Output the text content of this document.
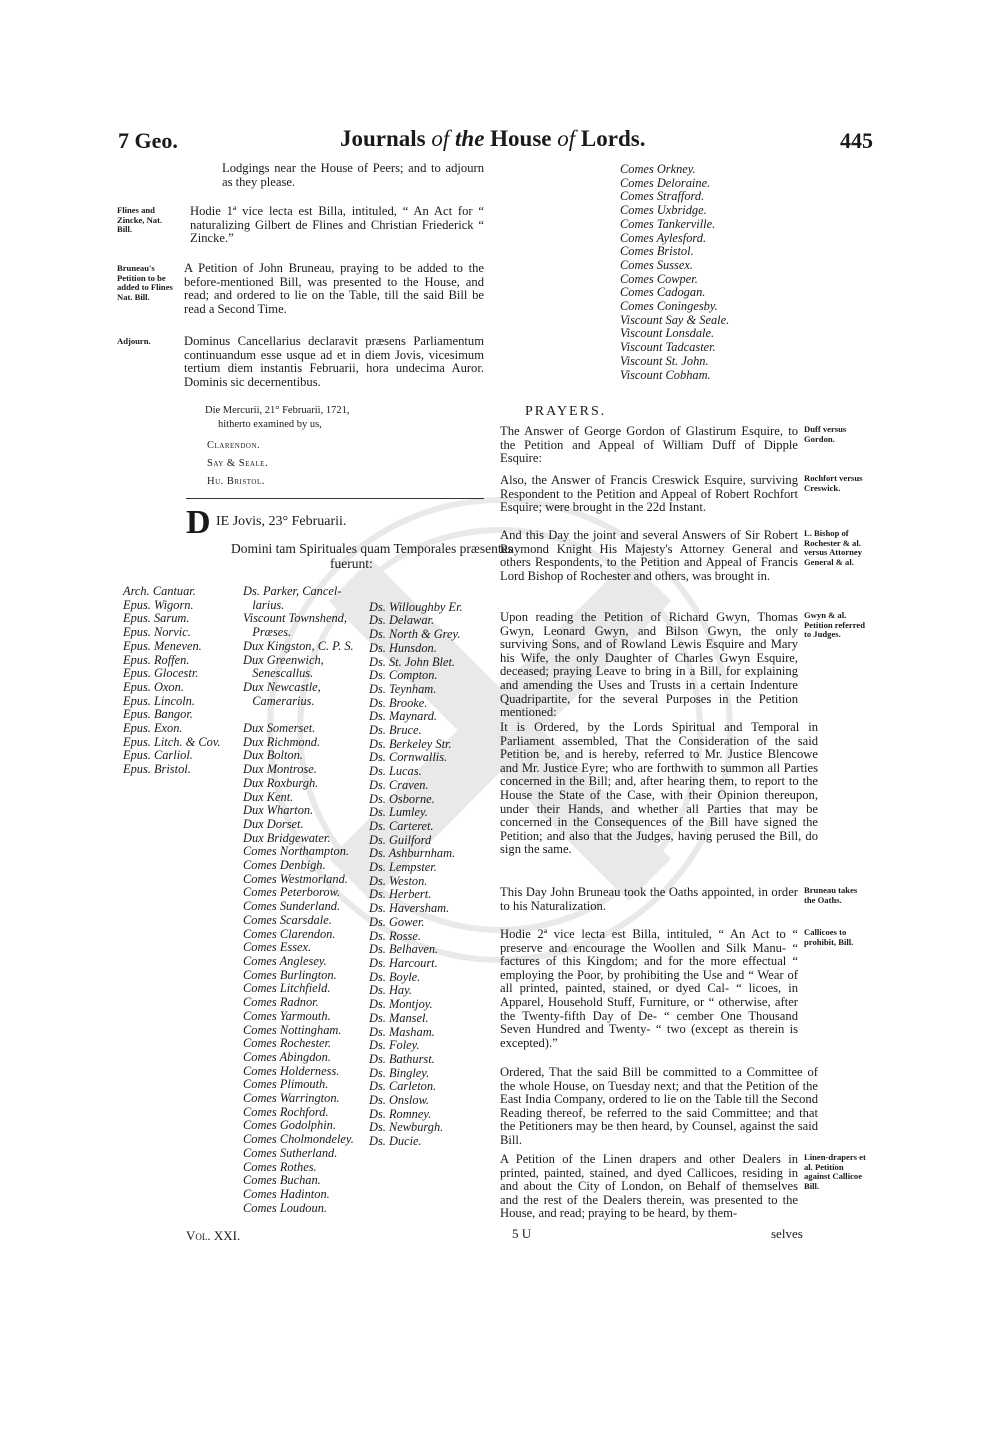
7 Geo.	Journals of the House of Lords.	445
Lodgings near the House of Peers; and to adjourn as they please.
Flines and Zincke, Nat. Bill.
Hodie 1ª vice lecta est Billa, intituled, “ An Act for “ naturalizing Gilbert de Flines and Christian Friederick “ Zincke.”
Bruneau's Petition to be added to Flines Nat. Bill.
A Petition of John Bruneau, praying to be added to the before-mentioned Bill, was presented to the House, and read; and ordered to lie on the Table, till the said Bill be read a Second Time.
Adjourn.	Dominus Cancellarius declaravit præsens Parliamentum continuandum esse usque ad et in diem Jovis, vicesimum tertium diem instantis Februarii, hora undecima Auror. Dominis sic decernentibus.
Die Mercurii, 21° Februarii, 1721,
hitherto examined by us,
Clarendon.
Say & Seale.
Hu. Bristol.
D IE Jovis, 23° Februarii.
Domini tam Spirituales quam Temporales præsentes
fuerunt:
Arch. Cantuar.
Epus. Wigorn.
Epus. Sarum.
Epus. Norvic.
Epus. Meneven.
Epus. Roffen.
Epus. Glocestr.
Epus. Oxon.
Epus. Lincoln.
Epus. Bangor.
Epus. Exon.
Epus. Litch. & Cov.
Epus. Carliol.
Epus. Bristol.
Ds. Parker, Cancel-
larius.
Viscount Townshend,
Præses.
Dux Kingston, C. P. S.
Dux Greenwich,
Senescallus.
Dux Newcastle,
Camerarius.

Dux Somerset.
Dux Richmond.
Dux Bolton.
Dux Montrose.
Dux Roxburgh.
Dux Kent.
Dux Wharton.
Dux Dorset.
Dux Bridgewater.
Comes Northampton.
Comes Denbigh.
Comes Westmorland.
Comes Peterborow.
Comes Sunderland.
Comes Scarsdale.
Comes Clarendon.
Comes Essex.
Comes Anglesey.
Comes Burlington.
Comes Litchfield.
Comes Radnor.
Comes Yarmouth.
Comes Nottingham.
Comes Rochester.
Comes Abingdon.
Comes Holderness.
Comes Plimouth.
Comes Warrington.
Comes Rochford.
Comes Godolphin.
Comes Cholmondeley.
Comes Sutherland.
Comes Rothes.
Comes Buchan.
Comes Hadinton.
Comes Loudoun.

Ds. Willoughby Er.
Ds. Delawar.
Ds. North & Grey.
Ds. Hunsdon.
Ds. St. John Blet.
Ds. Compton.
Ds. Teynham.
Ds. Brooke.
Ds. Maynard.
Ds. Bruce.
Ds. Berkeley Str.
Ds. Cornwallis.
Ds. Lucas.
Ds. Craven.
Ds. Osborne.
Ds. Lumley.
Ds. Carteret.
Ds. Guilford
Ds. Ashburnham.
Ds. Lempster.
Ds. Weston.
Ds. Herbert.
Ds. Haversham.
Ds. Gower.
Ds. Rosse.
Ds. Belhaven.
Ds. Harcourt.
Ds. Boyle.
Ds. Hay.
Ds. Montjoy.
Ds. Mansel.
Ds. Masham.
Ds. Foley.
Ds. Bathurst.
Ds. Bingley.
Ds. Carleton.
Ds. Onslow.
Ds. Romney.
Ds. Newburgh.
Ds. Ducie.
Vol. XXI.
Comes Orkney.
Comes Deloraine.
Comes Strafford.
Comes Uxbridge.
Comes Tankerville.
Comes Aylesford.
Comes Bristol.
Comes Sussex.
Comes Cowper.
Comes Cadogan.
Comes Coningesby.
Viscount Say & Seale.
Viscount Lonsdale.
Viscount Tadcaster.
Viscount St. John.
Viscount Cobham.
PRAYERS.
The Answer of George Gordon of Glastirum Esquire, to the Petition and Appeal of William Duff of Dipple Esquire:
Duff versus Gordon.
Also, the Answer of Francis Creswick Esquire, surviving Respondent to the Petition and Appeal of Robert Rochfort Esquire; were brought in the 22d Instant.
Rochfort versus Creswick.
And this Day the joint and several Answers of Sir Robert Raymond Knight His Majesty's Attorney General and others Respondents, to the Petition and Appeal of Francis Lord Bishop of Rochester and others, was brought in.
L. Bishop of Rochester & al. versus Attorney General & al.
Upon reading the Petition of Richard Gwyn, Thomas Gwyn, Leonard Gwyn, and Bilson Gwyn, the only surviving Sons, and of Rowland Lewis Esquire and Mary his Wife, the only Daughter of Charles Gwyn Esquire, deceased; praying Leave to bring in a Bill, for explaining and amending the Uses and Trusts in a certain Indenture Quadripartite, for the several Purposes in the Petition mentioned:
Gwyn & al. Petition referred to Judges.
It is Ordered, by the Lords Spiritual and Temporal in Parliament assembled, That the Consideration of the said Petition be, and is hereby, referred to Mr. Justice Blencowe and Mr. Justice Eyre; who are forthwith to summon all Parties concerned in the Bill; and, after hearing them, to report to the House the State of the Case, with their Opinion thereupon, under their Hands, and whether all Parties that may be concerned in the Consequences of the Bill have signed the Petition; and also that the Judges, having perused the Bill, do sign the same.
This Day John Bruneau took the Oaths appointed, in order to his Naturalization.
Bruneau takes the Oaths.
Hodie 2ª vice lecta est Billa, intituled, “ An Act to “ preserve and encourage the Woollen and Silk Manu- “ factures of this Kingdom; and for the more effectual “ employing the Poor, by prohibiting the Use and “ Wear of all printed, painted, stained, or dyed Cal- “ licoes, in Apparel, Household Stuff, Furniture, or “ otherwise, after the Twenty-fifth Day of De- “ cember One Thousand Seven Hundred and Twenty- “ two (except as therein is excepted).”
Callicoes to prohibit, Bill.
Ordered, That the said Bill be committed to a Committee of the whole House, on Tuesday next; and that the Petition of the East India Company, ordered to lie on the Table till the Second Reading thereof, be referred to the said Committee; and that the Petitioners may be then heard, by Counsel, against the said Bill.
A Petition of the Linen drapers and other Dealers in printed, painted, stained, and dyed Callicoes, residing in and about the City of London, on Behalf of themselves and the rest of the Dealers therein, was presented to the House, and read; praying to be heard, by them-
Linen-drapers et al. Petition against Callicoe Bill.
5 U	selves
